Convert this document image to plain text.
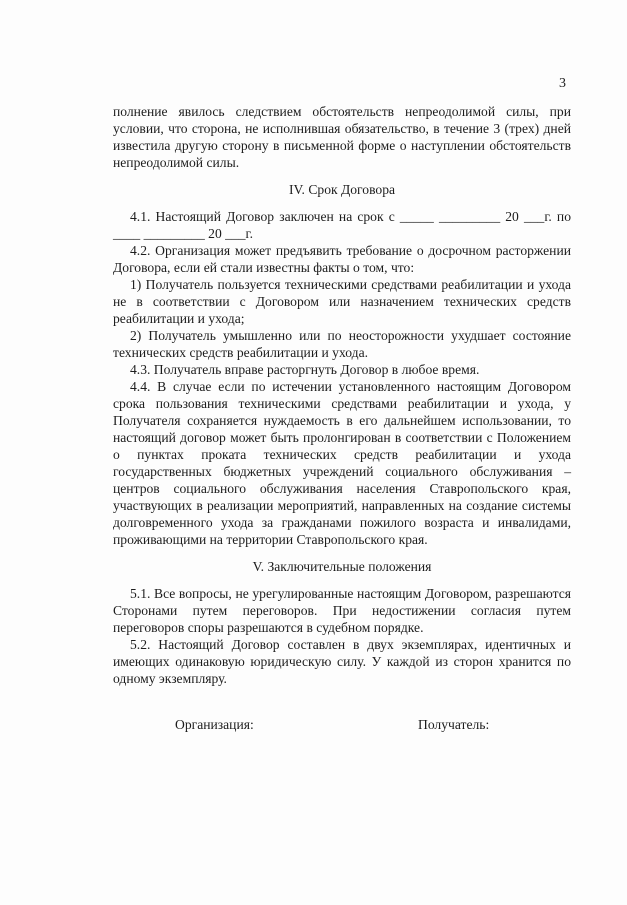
3

полнение явилось следствием обстоятельств непреодолимой силы, при условии, что сторона, не исполнившая обязательство, в течение 3 (трех) дней известила другую сторону в письменной форме о наступлении обстоятельств непреодолимой силы.

IV. Срок Договора

4.1. Настоящий Договор заключен на срок с _____ _________ 20 ___г. по ____ _________ 20 ___г.

4.2. Организация может предъявить требование о досрочном расторжении Договора, если ей стали известны факты о том, что:

1) Получатель пользуется техническими средствами реабилитации и ухода не в соответствии с Договором или назначением технических средств реабилитации и ухода;

2) Получатель умышленно или по неосторожности ухудшает состояние технических средств реабилитации и ухода.

4.3. Получатель вправе расторгнуть Договор в любое время.

4.4. В случае если по истечении установленного настоящим Договором срока пользования техническими средствами реабилитации и ухода, у Получателя сохраняется нуждаемость в его дальнейшем использовании, то настоящий договор может быть пролонгирован в соответствии с Положением о пунктах проката технических средств реабилитации и ухода государственных бюджетных учреждений социального обслуживания – центров социального обслуживания населения Ставропольского края, участвующих в реализации мероприятий, направленных на создание системы долговременного ухода за гражданами пожилого возраста и инвалидами, проживающими на территории Ставропольского края.

V. Заключительные положения

5.1. Все вопросы, не урегулированные настоящим Договором, разрешаются Сторонами путем переговоров. При недостижении согласия путем переговоров споры разрешаются в судебном порядке.

5.2. Настоящий Договор составлен в двух экземплярах, идентичных и имеющих одинаковую юридическую силу. У каждой из сторон хранится по одному экземпляру.

Организация:	Получатель:
